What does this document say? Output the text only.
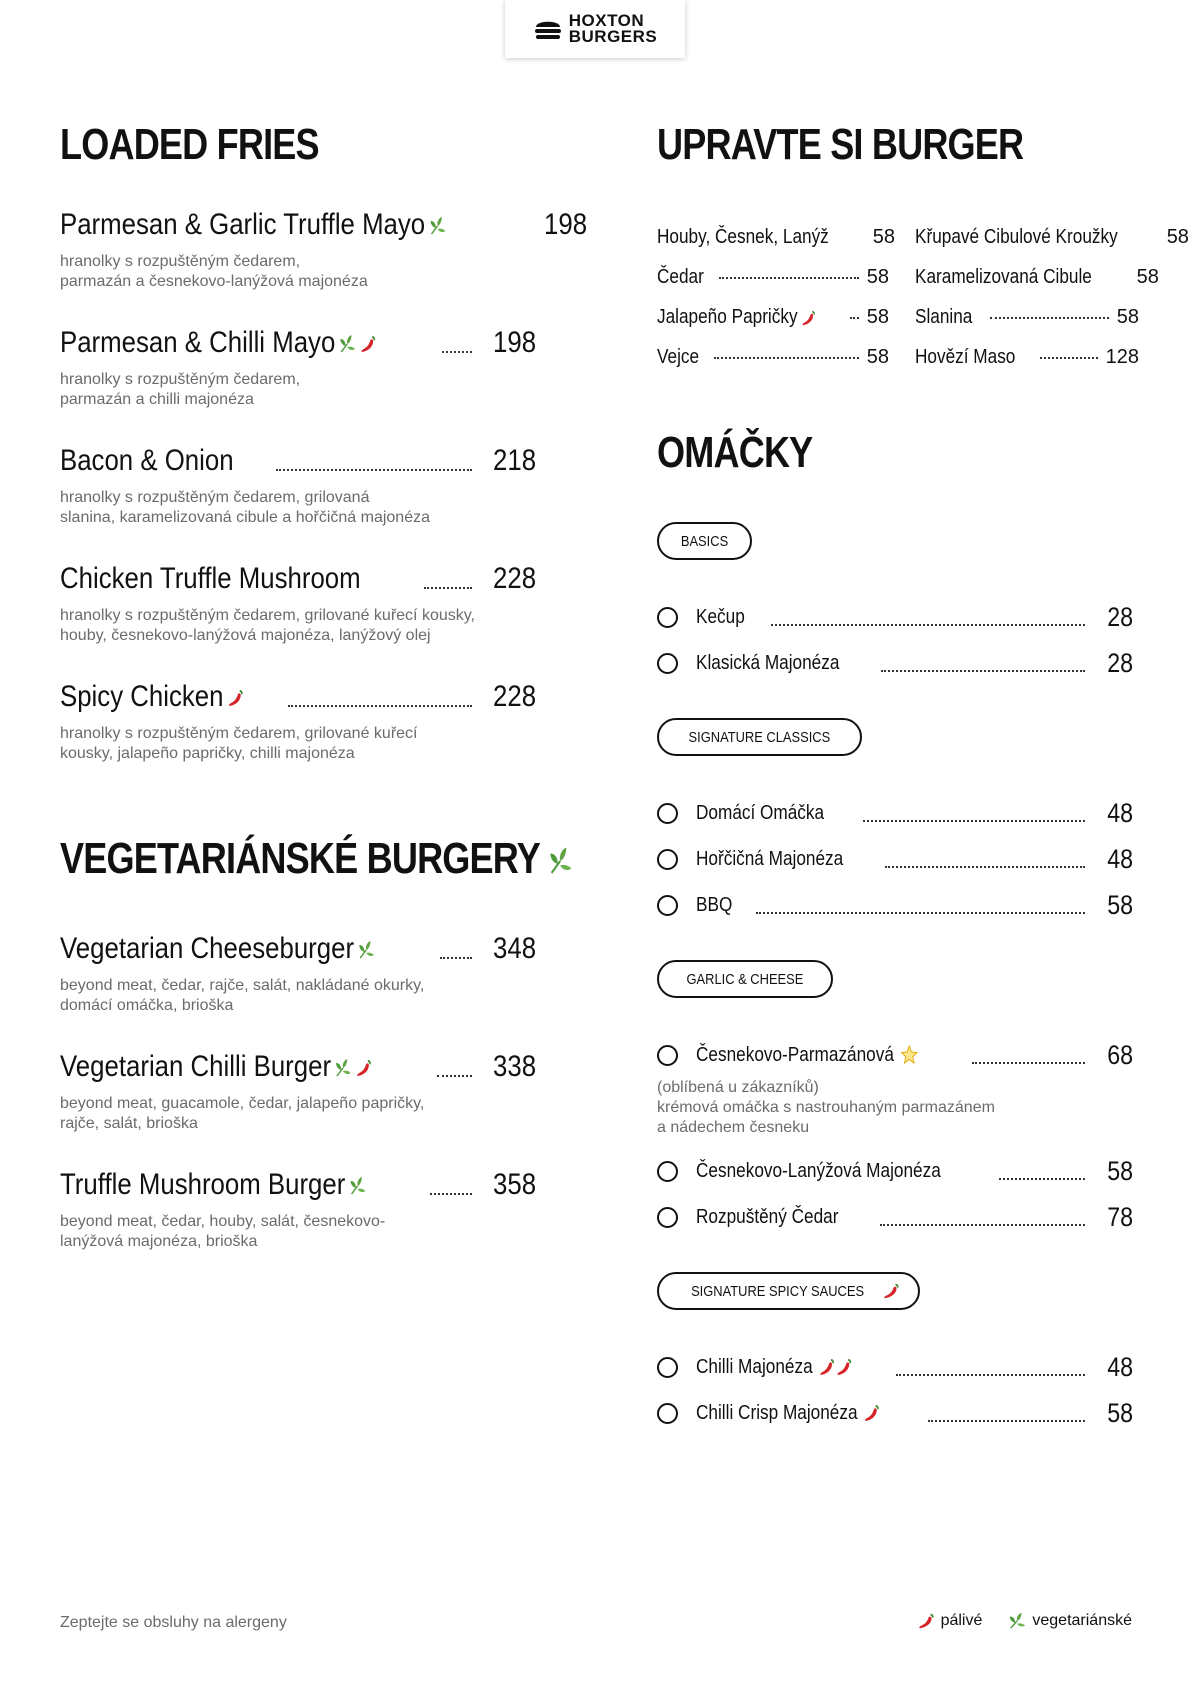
HOXTON
BURGERS
LOADED FRIES
Parmesan & Garlic Truffle Mayo	198
hranolky s rozpuštěným čedarem,
parmazán a česnekovo-lanýžová majonéza
Parmesan & Chilli Mayo	198
hranolky s rozpuštěným čedarem,
parmazán a chilli majonéza
Bacon & Onion	218
hranolky s rozpuštěným čedarem, grilovaná
slanina, karamelizovaná cibule a hořčičná majonéza
Chicken Truffle Mushroom	228
hranolky s rozpuštěným čedarem, grilované kuřecí kousky,
houby, česnekovo-lanýžová majonéza, lanýžový olej
Spicy Chicken	228
hranolky s rozpuštěným čedarem, grilované kuřecí
kousky, jalapeño papričky, chilli majonéza
VEGETARIÁNSKÉ BURGERY
Vegetarian Cheeseburger	348
beyond meat, čedar, rajče, salát, nakládané okurky,
domácí omáčka, brioška
Vegetarian Chilli Burger	338
beyond meat, guacamole, čedar, jalapeño papričky,
rajče, salát, brioška
Truffle Mushroom Burger	358
beyond meat, čedar, houby, salát, česnekovo-
lanýžová majonéza, brioška
UPRAVTE SI BURGER
Houby, Česnek, Lanýž 58 Křupavé Cibulové Kroužky 58
Čedar	58 Karamelizovaná Cibule 58
Jalapeño Papričky	58 Slanina	58
Vejce	58 Hovězí Maso	128
OMÁČKY
BASICS
Kečup	28
Klasická Majonéza	28
SIGNATURE CLASSICS
Domácí Omáčka	48
Hořčičná Majonéza	48
BBQ	58
GARLIC & CHEESE
Česnekovo-Parmazánová	68
(oblíbená u zákazníků)
krémová omáčka s nastrouhaným parmazánem
a nádechem česneku
Česnekovo-Lanýžová Majonéza	58
Rozpuštěný Čedar	78
SIGNATURE SPICY SAUCES
Chilli Majonéza	48
Chilli Crisp Majonéza	58
Zeptejte se obsluhy na alergeny	pálivé	vegetariánské
